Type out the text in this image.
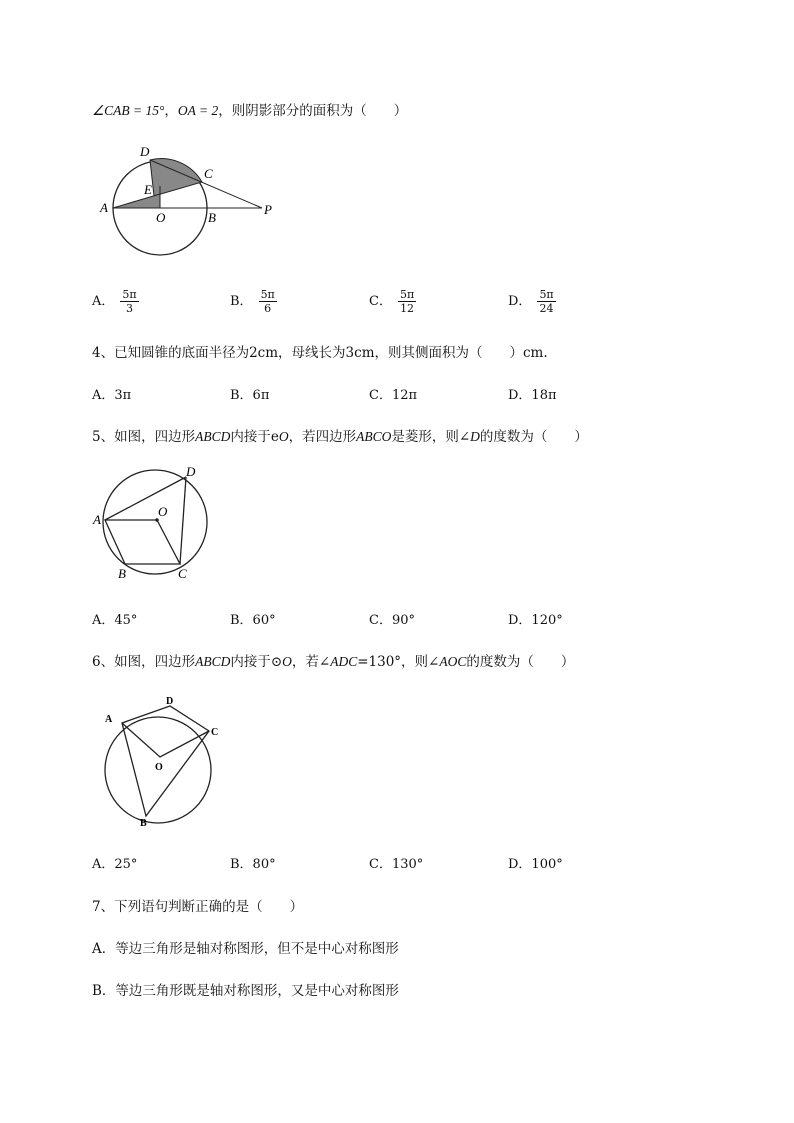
∠CAB = 15°，OA = 2，则阴影部分的面积为（　　）
D
C
E
A
O	B
P
A． $\frac{5\pi}{3}$	B． $\frac{5\pi}{6}$	C． $\frac{5\pi}{12}$	D． $\frac{5\pi}{24}$
4、已知圆锥的底面半径为2cm，母线长为3cm，则其侧面积为（　　）cm.
A．3π	B．6π	C．12π	D．18π
5、如图，四边形ABCD内接于eO，若四边形ABCO是菱形，则∠D的度数为（　　）
A
B	C
D
O
A．45°	B．60°	C．90°	D．120°
6、如图，四边形ABCD内接于⊙O，若∠ADC=130°，则∠AOC的度数为（　　）
A
D
C
B
O
A．25°	B．80°	C．130°	D．100°
7、下列语句判断正确的是（　　）
A．等边三角形是轴对称图形，但不是中心对称图形
B．等边三角形既是轴对称图形，又是中心对称图形
